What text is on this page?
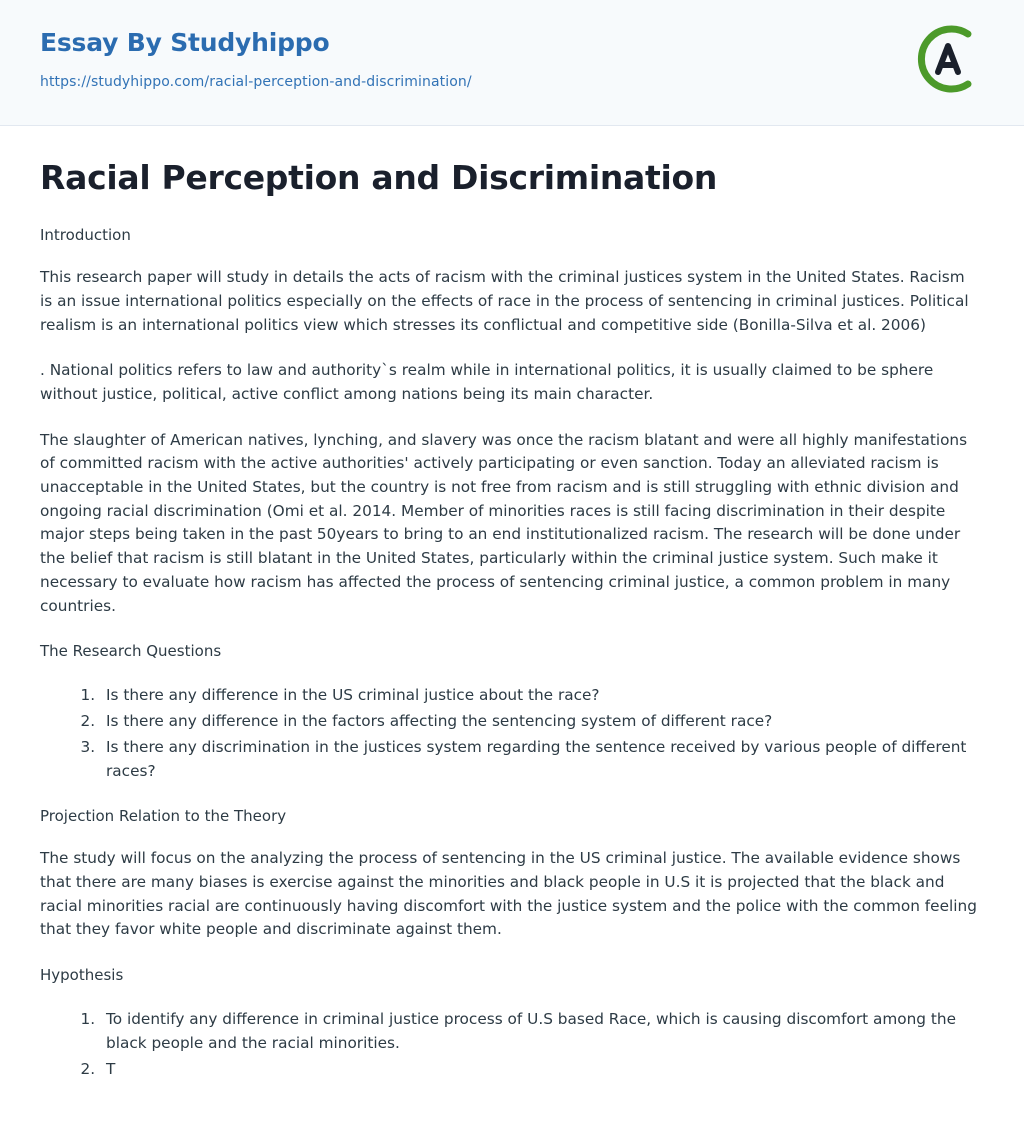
Essay By Studyhippo
https://studyhippo.com/racial-perception-and-discrimination/
Racial Perception and Discrimination
Introduction

This research paper will study in details the acts of racism with the criminal justices system in the United States. Racism is an issue international politics especially on the effects of race in the process of sentencing in criminal justices. Political realism is an international politics view which stresses its conflictual and competitive side (Bonilla-Silva et al. 2006)

. National politics refers to law and authority`s realm while in international politics, it is usually claimed to be sphere without justice, political, active conflict among nations being its main character.

The slaughter of American natives, lynching, and slavery was once the racism blatant and were all highly manifestations of committed racism with the active authorities' actively participating or even sanction. Today an alleviated racism is unacceptable in the United States, but the country is not free from racism and is still struggling with ethnic division and ongoing racial discrimination (Omi et al. 2014. Member of minorities races is still facing discrimination in their despite major steps being taken in the past 50years to bring to an end institutionalized racism. The research will be done under the belief that racism is still blatant in the United States, particularly within the criminal justice system. Such make it necessary to evaluate how racism has affected the process of sentencing criminal justice, a common problem in many countries.

The Research Questions
1. Is there any difference in the US criminal justice about the race?
2. Is there any difference in the factors affecting the sentencing system of different race?
3. Is there any discrimination in the justices system regarding the sentence received by various people of different races?
Projection Relation to the Theory

The study will focus on the analyzing the process of sentencing in the US criminal justice. The available evidence shows that there are many biases is exercise against the minorities and black people in U.S it is projected that the black and racial minorities racial are continuously having discomfort with the justice system and the police with the common feeling that they favor white people and discriminate against them.

Hypothesis
1. To identify any difference in criminal justice process of U.S based Race, which is causing discomfort among the black people and the racial minorities.
2. T
